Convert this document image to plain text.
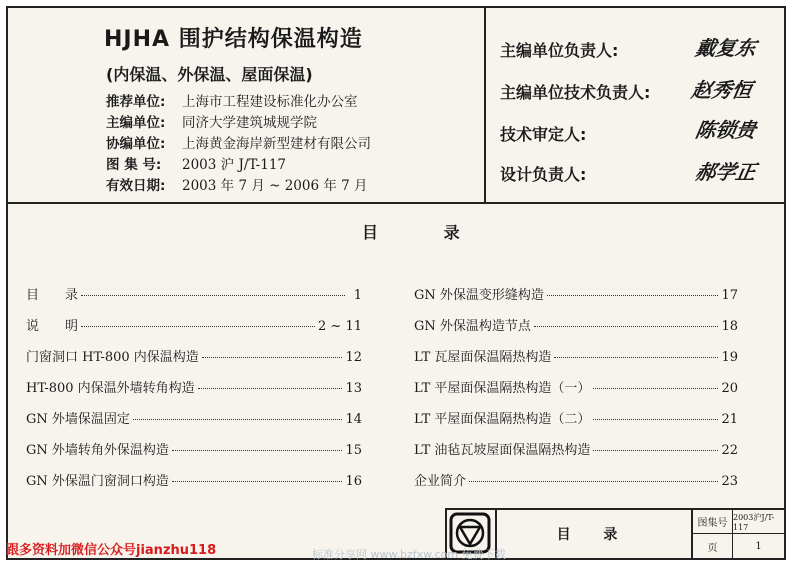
HJHA 围护结构保温构造
(内保温、外保温、屋面保温)
推荐单位: 上海市工程建设标准化办公室
主编单位: 同济大学建筑城规学院
协编单位: 上海黄金海岸新型建材有限公司
图 集 号: 2003 沪 J/T-117
有效日期: 2003 年 7 月 ~ 2006 年 7 月
主编单位负责人:	戴复东
主编单位技术负责人: 赵秀恒
技术审定人:	陈锁贵
设计负责人:	郝学正
目 录
目　　录	1
说　　明	2 ~ 11
门窗洞口 HT-800 内保温构造	12
HT-800 内保温外墙转角构造	13
GN 外墙保温固定	14
GN 外墙转角外保温构造	15
GN 外保温门窗洞口构造	16
GN 外保温变形缝构造	17
GN 外保温构造节点	18
LT 瓦屋面保温隔热构造	19
LT 平屋面保温隔热构造（一）	20
LT 平屋面保温隔热构造（二）	21
LT 油毡瓦坡屋面保温隔热构造	22
企业简介	23
目 录
图集号
2003沪J/T-117
页	1
跟多资料加微信公众号jianzhu118	标准分享网 www.bzfxw.com 免费下载
